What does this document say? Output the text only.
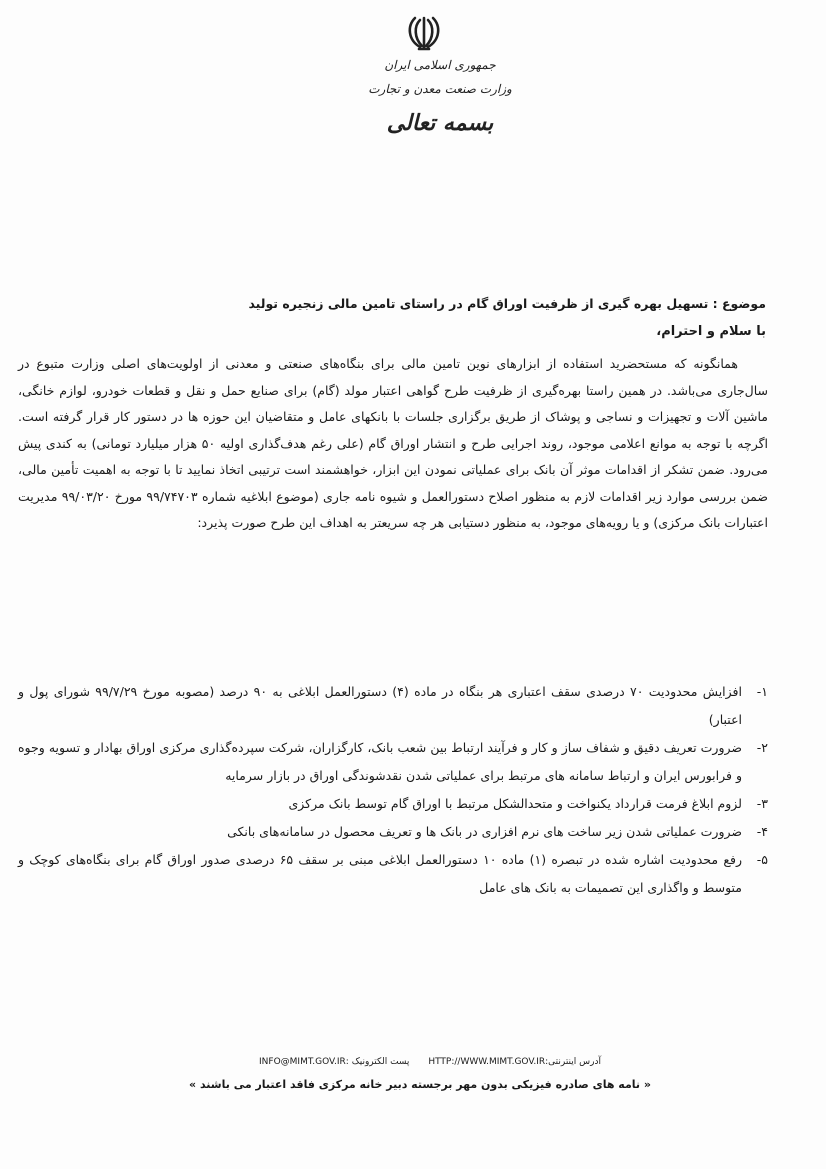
جمهوری اسلامی ایران
وزارت صنعت معدن و تجارت
بسمه تعالی
موضوع : تسهیل بهره گیری از ظرفیت اوراق گام در راستای تامین مالی زنجیره تولید
با سلام و احترام،

همانگونه که مستحضرید استفاده از ابزارهای نوین تامین مالی برای بنگاه‌های صنعتی و معدنی از اولویت‌های اصلی وزارت متبوع در سال‌جاری می‌باشد. در همین راستا بهره‌گیری از ظرفیت طرح گواهی اعتبار مولد (گام) برای صنایع حمل و نقل و قطعات خودرو، لوازم خانگی، ماشین آلات و تجهیزات و نساجی و پوشاک از طریق برگزاری جلسات با بانکهای عامل و متقاضیان این حوزه ها در دستور کار قرار گرفته است. اگرچه با توجه به موانع اعلامی موجود، روند اجرایی طرح و انتشار اوراق گام (علی رغم هدف‌گذاری اولیه ۵۰ هزار میلیارد تومانی) به کندی پیش می‌رود. ضمن تشکر از اقدامات موثر آن بانک برای عملیاتی نمودن این ابزار، خواهشمند است ترتیبی اتخاذ نمایید تا با توجه به اهمیت تأمین مالی، ضمن بررسی موارد زیر اقدامات لازم به منظور اصلاح دستورالعمل و شیوه نامه جاری (موضوع ابلاغیه شماره ۹۹/۷۴۷۰۳ مورخ ۹۹/۰۳/۲۰ مدیریت اعتبارات بانک مرکزی) و یا رویه‌های موجود، به منظور دستیابی هر چه سریعتر به اهداف این طرح صورت پذیرد:

۱-
افزایش محدودیت ۷۰ درصدی سقف اعتباری هر بنگاه در ماده (۴) دستورالعمل ابلاغی به ۹۰ درصد (مصوبه مورخ ۹۹/۷/۲۹ شورای پول و اعتبار)
۲-
ضرورت تعریف دقیق و شفاف ساز و کار و فرآیند ارتباط بین شعب بانک، کارگزاران، شرکت سپرده‌گذاری مرکزی اوراق بهادار و تسویه وجوه و فرابورس ایران و ارتباط سامانه های مرتبط برای عملیاتی شدن نقدشوندگی اوراق در بازار سرمایه
۳-
لزوم ابلاغ فرمت قرارداد یکنواخت و متحدالشکل مرتبط با اوراق گام توسط بانک مرکزی
۴-
ضرورت عملیاتی شدن زیر ساخت های نرم افزاری در بانک ها و تعریف محصول در سامانه‌های بانکی
۵-
رفع محدودیت اشاره شده در تبصره (۱) ماده ۱۰ دستورالعمل ابلاغی مبنی بر سقف ۶۵ درصدی صدور اوراق گام برای بنگاه‌های کوچک و متوسط و واگذاری این تصمیمات به بانک های عامل
آدرس اینترنتی:HTTP://WWW.MIMT.GOV.IR پست الکترونیک :INFO@MIMT.GOV.IR
« نامه های صادره فیزیکی بدون مهر برجسته دبیر خانه مرکزی فاقد اعتبار می باشند »
